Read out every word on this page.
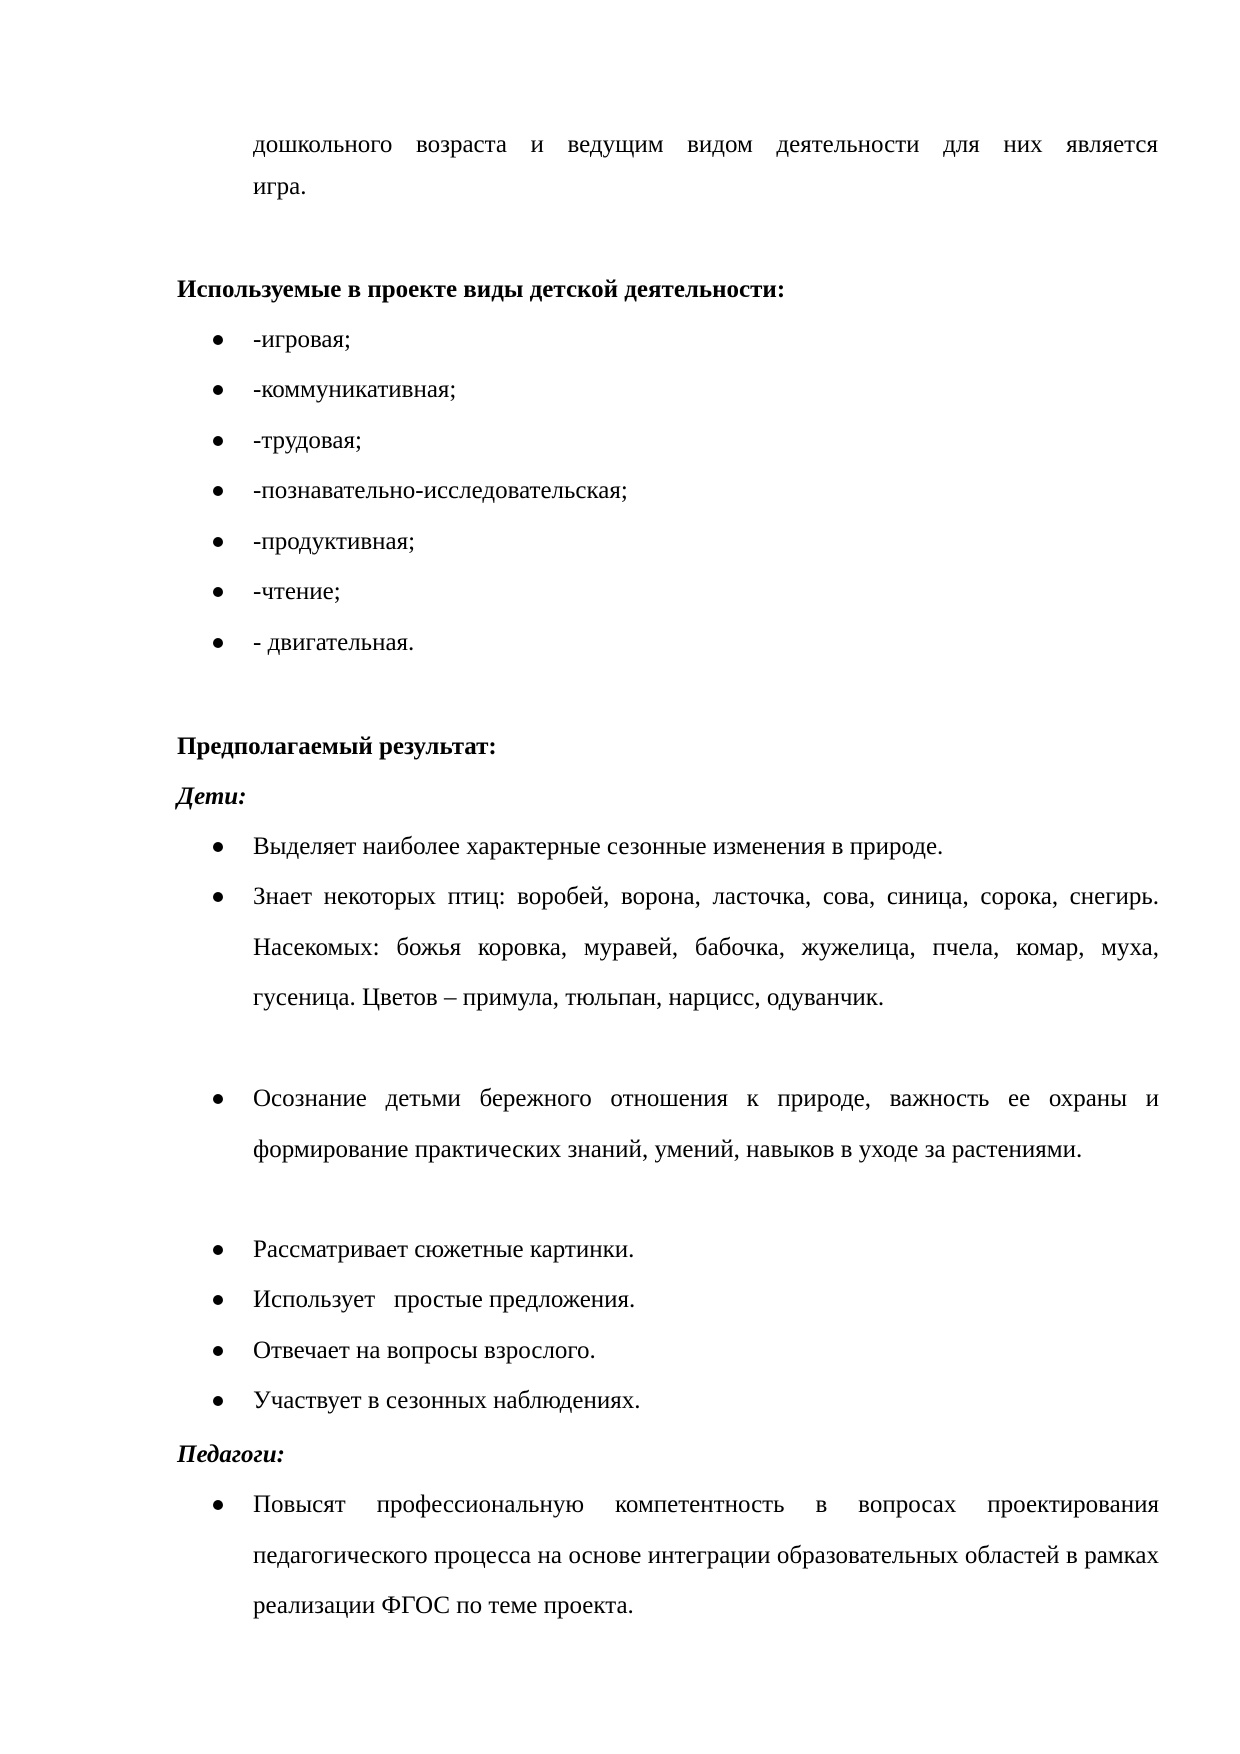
дошкольного возраста и ведущим видом деятельности для них является
игра.
Используемые в проекте виды детской деятельности:
-игровая;
-коммуникативная;
-трудовая;
-познавательно-исследовательская;
-продуктивная;
-чтение;
- двигательная.
Предполагаемый результат:
Дети:
Выделяет наиболее характерные сезонные изменения в природе.
Знает некоторых птиц: воробей, ворона, ласточка, сова, синица, сорока, снегирь. Насекомых: божья коровка, муравей, бабочка, жужелица, пчела, комар, муха, гусеница. Цветов – примула, тюльпан, нарцисс, одуванчик.
Осознание детьми бережного отношения к природе, важность ее охраны и формирование практических знаний, умений, навыков в уходе за растениями.
Рассматривает сюжетные картинки.
Использует   простые предложения.
Отвечает на вопросы взрослого.
Участвует в сезонных наблюдениях.
Педагоги:
Повысят профессиональную компетентность в вопросах проектирования педагогического процесса на основе интеграции образовательных областей в рамках реализации ФГОС по теме проекта.
